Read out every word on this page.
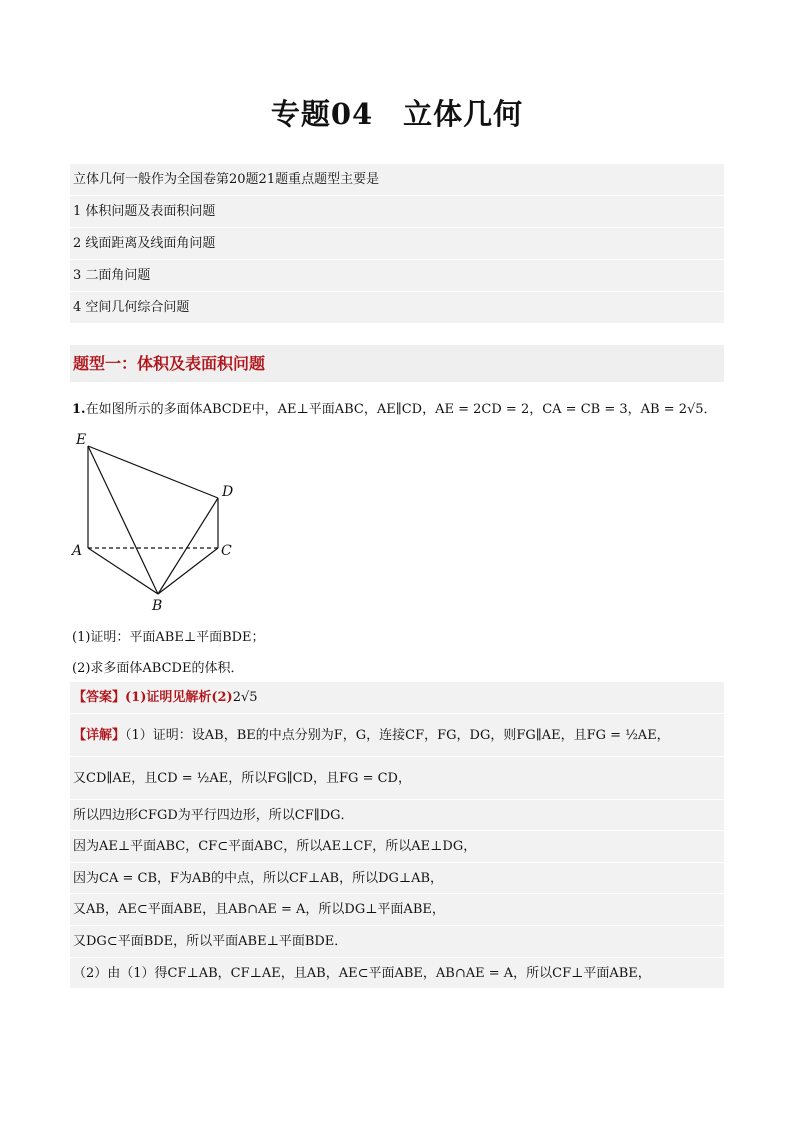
专题04 立体几何
立体几何一般作为全国卷第20题21题重点题型主要是
1 体积问题及表面积问题
2 线面距离及线面角问题
3 二面角问题
4 空间几何综合问题
题型一：体积及表面积问题
1.在如图所示的多面体ABCDE中，AE⊥平面ABC，AE∥CD，AE = 2CD = 2，CA = CB = 3，AB = 2√5．
E
D
A	C
B
(1)证明：平面ABE⊥平面BDE；
(2)求多面体ABCDE的体积．
【答案】(1)证明见解析(2)2√5
【详解】（1）证明：设AB，BE的中点分别为F，G，连接CF，FG，DG，则FG∥AE，且FG = ½AE，
又CD∥AE，且CD = ½AE，所以FG∥CD，且FG = CD，
所以四边形CFGD为平行四边形，所以CF∥DG．
因为AE⊥平面ABC，CF⊂平面ABC，所以AE⊥CF，所以AE⊥DG，
因为CA = CB，F为AB的中点，所以CF⊥AB，所以DG⊥AB，
又AB，AE⊂平面ABE，且AB∩AE = A，所以DG⊥平面ABE，
又DG⊂平面BDE，所以平面ABE⊥平面BDE．
（2）由（1）得CF⊥AB，CF⊥AE，且AB，AE⊂平面ABE，AB∩AE = A，所以CF⊥平面ABE，
